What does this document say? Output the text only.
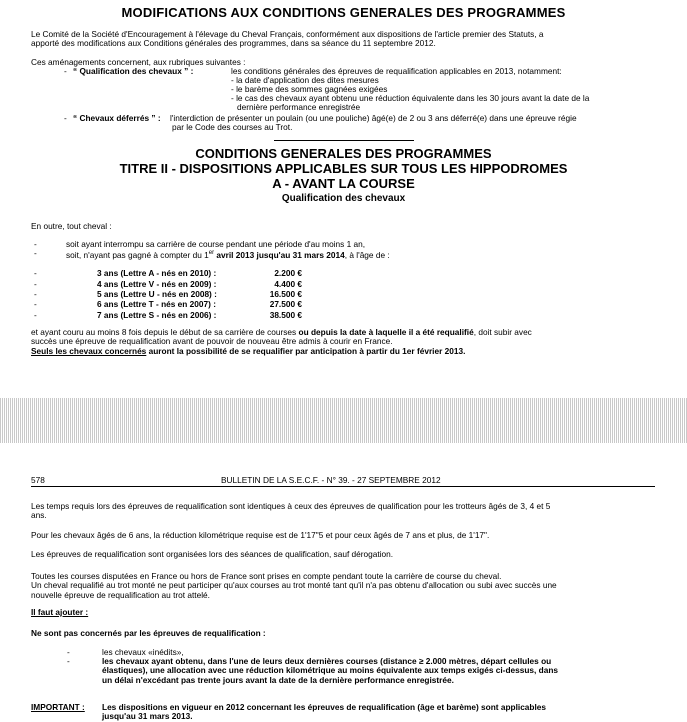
MODIFICATIONS AUX CONDITIONS GENERALES DES PROGRAMMES

Le Comité de la Société d'Encouragement à l'élevage du Cheval Français, conformément aux dispositions de l'article premier des Statuts, a

apporté des modifications aux Conditions générales des programmes, dans sa séance du 11 septembre 2012.

Ces aménagements concernent, aux rubriques suivantes :
- “ Qualification des chevaux ” :	les conditions générales des épreuves de requalification applicables en 2013, notamment:
- la date d'application des dites mesures
- le barème des sommes gagnées exigées
- le cas des chevaux ayant obtenu une réduction équivalente dans les 30 jours avant la date de la
dernière performance enregistrée
- “ Chevaux déferrés ” : l'interdiction de présenter un poulain (ou une pouliche) âgé(e) de 2 ou 3 ans déferré(e) dans une épreuve régie
par le Code des courses au Trot.
CONDITIONS GENERALES DES PROGRAMMES
TITRE II - DISPOSITIONS APPLICABLES SUR TOUS LES HIPPODROMES
A - AVANT LA COURSE
Qualification des chevaux
En outre, tout cheval :
-	soit ayant interrompu sa carrière de course pendant une période d'au moins 1 an,
-	soit, n'ayant pas gagné à compter du 1er avril 2013 jusqu'au 31 mars 2014, à l'âge de :
-	3 ans (Lettre A - nés en 2010) :	2.200 €
-	4 ans (Lettre V - nés en 2009) :	4.400 €
-	5 ans (Lettre U - nés en 2008) :	16.500 €
-	6 ans (Lettre T - nés en 2007) :	27.500 €
-	7 ans (Lettre S - nés en 2006) :	38.500 €

et ayant couru au moins 8 fois depuis le début de sa carrière de courses ou depuis la date à laquelle il a été requalifié, doit subir avec

succès une épreuve de requalification avant de pouvoir de nouveau être admis à courir en France.

Seuls les chevaux concernés auront la possibilité de se requalifier par anticipation à partir du 1er février 2013.

578	BULLETIN DE LA S.E.C.F. - N° 39. - 27 SEPTEMBRE 2012

Les temps requis lors des épreuves de requalification sont identiques à ceux des épreuves de qualification pour les trotteurs âgés de 3, 4 et 5

ans.

Pour les chevaux âgés de 6 ans, la réduction kilométrique requise est de 1'17"5 et pour ceux âgés de 7 ans et plus, de 1'17".
Les épreuves de requalification sont organisées lors des séances de qualification, sauf dérogation.

Toutes les courses disputées en France ou hors de France sont prises en compte pendant toute la carrière de course du cheval.

Un cheval requalifié au trot monté ne peut participer qu'aux courses au trot monté tant qu'il n'a pas obtenu d'allocation ou subi avec succès une

nouvelle épreuve de requalification au trot attelé.

Il faut ajouter :
Ne sont pas concernés par les épreuves de requalification :
-	les chevaux «inédits»,
-	les chevaux ayant obtenu, dans l'une de leurs deux dernières courses (distance ≥ 2.000 mètres, départ cellules ou

élastiques), une allocation avec une réduction kilométrique au moins équivalente aux temps exigés ci-dessus, dans

un délai n'excédant pas trente jours avant la date de la dernière performance enregistrée.

IMPORTANT : Les dispositions en vigueur en 2012 concernant les épreuves de requalification (âge et barème) sont applicables

jusqu'au 31 mars 2013.
